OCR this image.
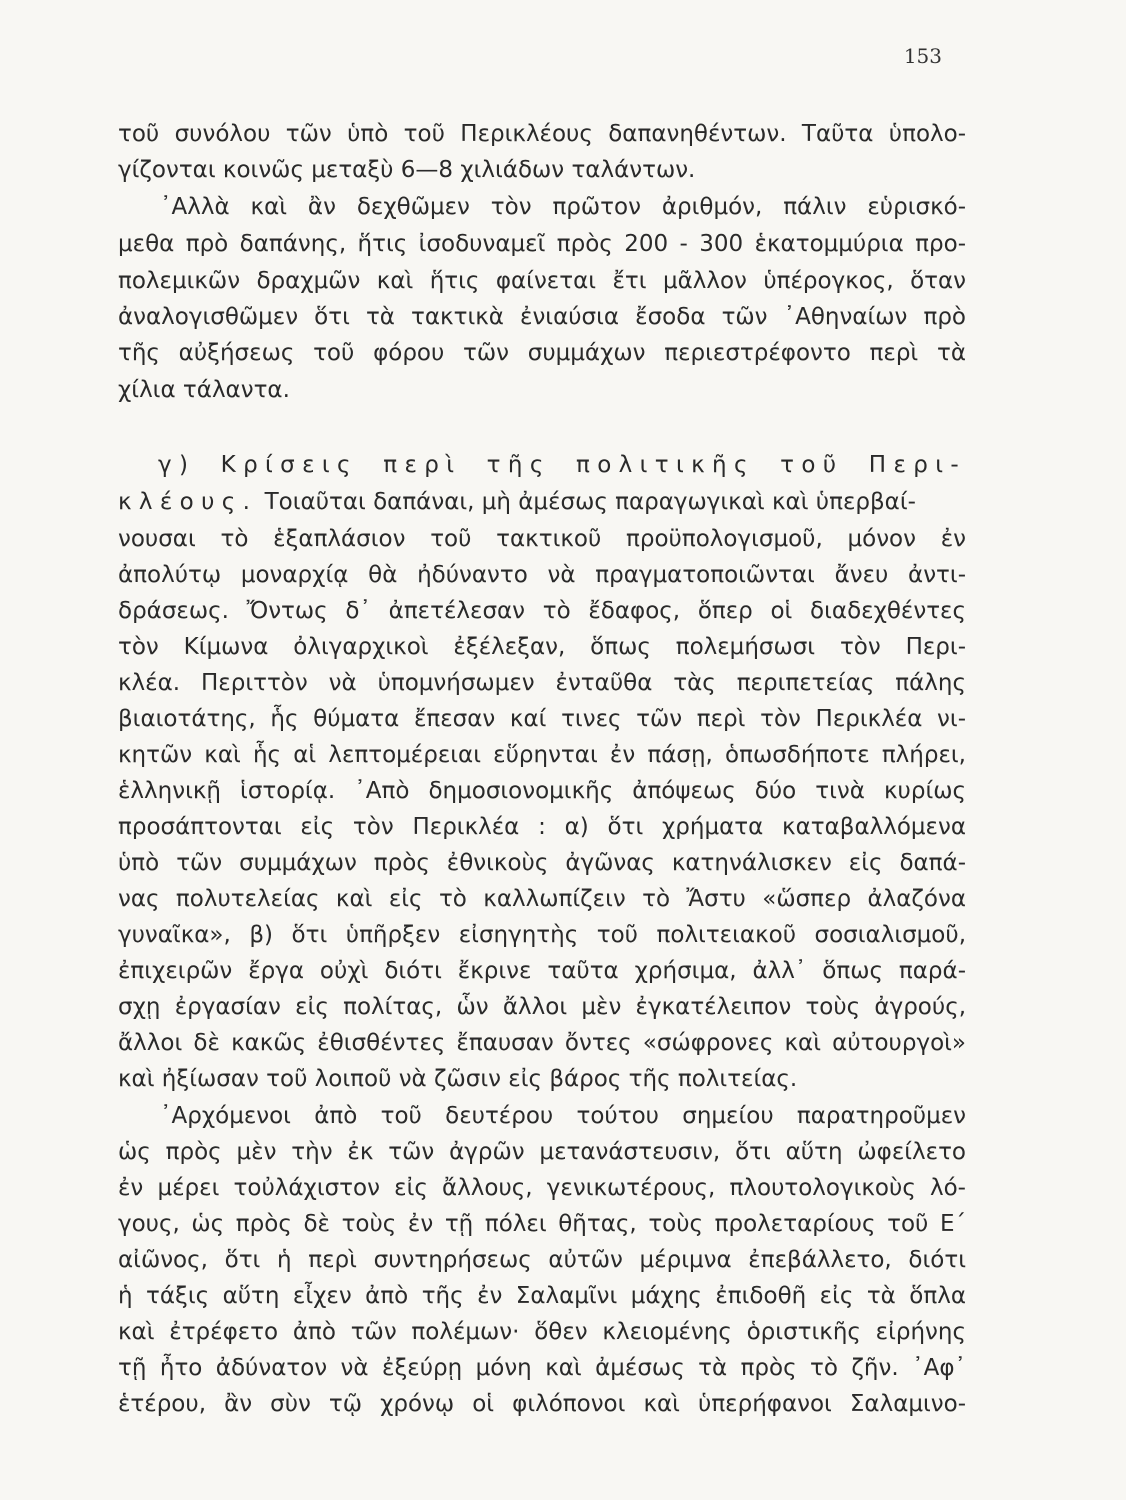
153
τοῦ συνόλου τῶν ὑπὸ τοῦ Περικλέους δαπανηθέντων. Ταῦτα ὑπολο-
γίζονται κοινῶς μεταξὺ 6—8 χιλιάδων ταλάντων.
᾿Αλλὰ καὶ ἂν δεχθῶμεν τὸν πρῶτον ἀριθμόν, πάλιν εὑρισκό-
μεθα πρὸ δαπάνης, ἥτις ἰσοδυναμεῖ πρὸς 200 - 300 ἑκατομμύρια προ-
πολεμικῶν δραχμῶν καὶ ἥτις φαίνεται ἔτι μᾶλλον ὑπέρογκος, ὅταν
ἀναλογισθῶμεν ὅτι τὰ τακτικὰ ἐνιαύσια ἔσοδα τῶν ᾿Αθηναίων πρὸ
τῆς αὐξήσεως τοῦ φόρου τῶν συμμάχων περιεστρέφοντο περὶ τὰ
χίλια τάλαντα.
γ) Κρίσεις περὶ τῆς πολιτικῆς τοῦ Περι-
κλέους. Τοιαῦται δαπάναι, μὴ ἀμέσως παραγωγικαὶ καὶ ὑπερβαί-
νουσαι τὸ ἑξαπλάσιον τοῦ τακτικοῦ προϋπολογισμοῦ, μόνον ἐν
ἀπολύτῳ μοναρχίᾳ θὰ ἠδύναντο νὰ πραγματοποιῶνται ἄνευ ἀντι-
δράσεως. Ὄντως δ᾿ ἀπετέλεσαν τὸ ἔδαφος, ὅπερ οἱ διαδεχθέντες
τὸν Κίμωνα ὀλιγαρχικοὶ ἐξέλεξαν, ὅπως πολεμήσωσι τὸν Περι-
κλέα. Περιττὸν νὰ ὑπομνήσωμεν ἐνταῦθα τὰς περιπετείας πάλης
βιαιοτάτης, ἧς θύματα ἔπεσαν καί τινες τῶν περὶ τὸν Περικλέα νι-
κητῶν καὶ ἧς αἱ λεπτομέρειαι εὕρηνται ἐν πάσῃ, ὁπωσδήποτε πλήρει,
ἑλληνικῇ ἱστορίᾳ. ᾿Απὸ δημοσιονομικῆς ἀπόψεως δύο τινὰ κυρίως
προσάπτονται εἰς τὸν Περικλέα : α) ὅτι χρήματα καταβαλλόμενα
ὑπὸ τῶν συμμάχων πρὸς ἐθνικοὺς ἀγῶνας κατηνάλισκεν εἰς δαπά-
νας πολυτελείας καὶ εἰς τὸ καλλωπίζειν τὸ Ἄστυ «ὥσπερ ἀλαζόνα
γυναῖκα», β) ὅτι ὑπῆρξεν εἰσηγητὴς τοῦ πολιτειακοῦ σοσιαλισμοῦ,
ἐπιχειρῶν ἔργα οὐχὶ διότι ἔκρινε ταῦτα χρήσιμα, ἀλλ᾿ ὅπως παρά-
σχῃ ἐργασίαν εἰς πολίτας, ὧν ἄλλοι μὲν ἐγκατέλειπον τοὺς ἀγρούς,
ἄλλοι δὲ κακῶς ἐθισθέντες ἔπαυσαν ὄντες «σώφρονες καὶ αὐτουργοὶ»
καὶ ἠξίωσαν τοῦ λοιποῦ νὰ ζῶσιν εἰς βάρος τῆς πολιτείας.
᾿Αρχόμενοι ἀπὸ τοῦ δευτέρου τούτου σημείου παρατηροῦμεν
ὡς πρὸς μὲν τὴν ἐκ τῶν ἀγρῶν μετανάστευσιν, ὅτι αὕτη ὠφείλετο
ἐν μέρει τοὐλάχιστον εἰς ἄλλους, γενικωτέρους, πλουτολογικοὺς λό-
γους, ὡς πρὸς δὲ τοὺς ἐν τῇ πόλει θῆτας, τοὺς προλεταρίους τοῦ Ε΄
αἰῶνος, ὅτι ἡ περὶ συντηρήσεως αὐτῶν μέριμνα ἐπεβάλλετο, διότι
ἡ τάξις αὕτη εἶχεν ἀπὸ τῆς ἐν Σαλαμῖνι μάχης ἐπιδοθῆ εἰς τὰ ὅπλα
καὶ ἐτρέφετο ἀπὸ τῶν πολέμων· ὅθεν κλειομένης ὁριστικῆς εἰρήνης
τῇ ἦτο ἀδύνατον νὰ ἐξεύρῃ μόνη καὶ ἀμέσως τὰ πρὸς τὸ ζῆν. ᾿Αφ᾿
ἑτέρου, ἂν σὺν τῷ χρόνῳ οἱ φιλόπονοι καὶ ὑπερήφανοι Σαλαμινο-
